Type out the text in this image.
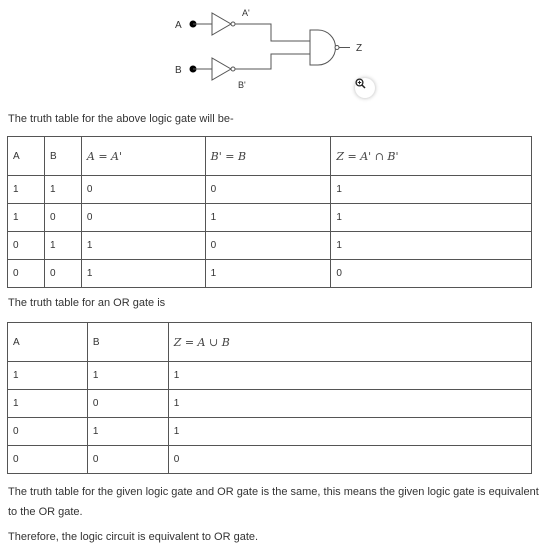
A
B
A'
B'
Z

The truth table for the above logic gate will be-

A	B	A = A'	B' = B	Z = A' ∩ B'
1	1	0	0	1
1	0	0	1	1
0	1	1	0	1
0	0	1	1	0

The truth table for an OR gate is

A	B	Z = A ∪ B
1	1	1
1	0	1
0	1	1
0	0	0

The truth table for the given logic gate and OR gate is the same, this means the given logic gate is equivalent to the OR gate.

Therefore, the logic circuit is equivalent to OR gate.
